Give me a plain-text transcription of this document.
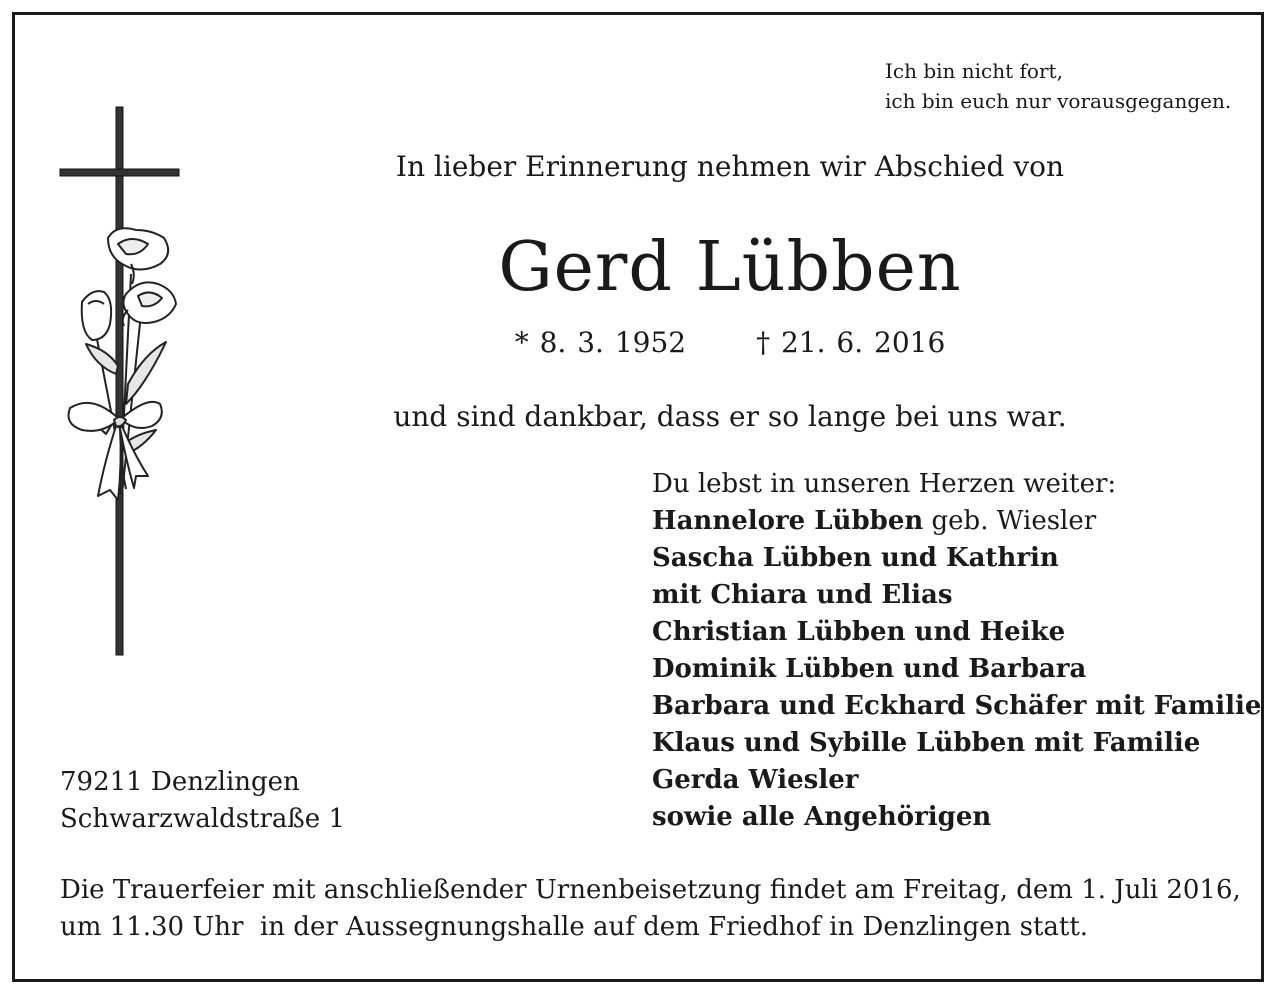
Ich bin nicht fort,
ich bin euch nur vorausgegangen.
In lieber Erinnerung nehmen wir Abschied von
Gerd Lübben
* 8. 3. 1952	† 21. 6. 2016
und sind dankbar, dass er so lange bei uns war.
Du lebst in unseren Herzen weiter:
Hannelore Lübben geb. Wiesler
Sascha Lübben und Kathrin
mit Chiara und Elias
Christian Lübben und Heike
Dominik Lübben und Barbara
Barbara und Eckhard Schäfer mit Familie
Klaus und Sybille Lübben mit Familie
Gerda Wiesler
sowie alle Angehörigen
79211 Denzlingen
Schwarzwaldstraße 1
Die Trauerfeier mit anschließender Urnenbeisetzung findet am Freitag, dem 1. Juli 2016,
um 11.30 Uhr  in der Aussegnungshalle auf dem Friedhof in Denzlingen statt.
